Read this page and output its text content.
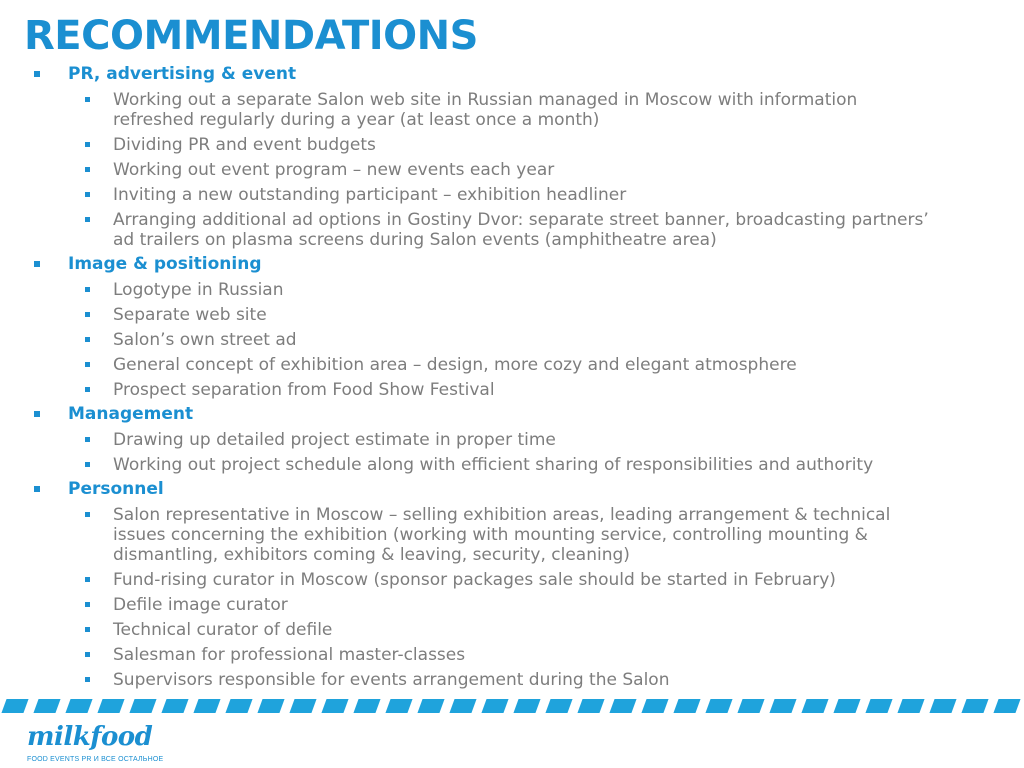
RECOMMENDATIONS
PR, advertising & event
Working out a separate Salon web site in Russian managed in Moscow with information refreshed regularly during a year (at least once a month)
Dividing PR and event budgets
Working out event program – new events each year
Inviting a new outstanding participant – exhibition headliner
Arranging additional ad options in Gostiny Dvor: separate street banner, broadcasting partners’ ad trailers on plasma screens during Salon events (amphitheatre area)
Image & positioning
Logotype in Russian
Separate web site
Salon’s own street ad
General concept of exhibition area – design, more cozy and elegant atmosphere
Prospect separation from Food Show Festival
Management
Drawing up detailed project estimate in proper time
Working out project schedule along with efficient sharing of responsibilities and authority
Personnel
Salon representative in Moscow – selling exhibition areas, leading arrangement & technical issues concerning the exhibition (working with mounting service, controlling mounting & dismantling, exhibitors coming & leaving, security, cleaning)
Fund-rising curator in Moscow (sponsor packages sale should be started in February)
Defile image curator
Technical curator of defile
Salesman for professional master-classes
Supervisors responsible for events arrangement during the Salon
milkfood
FOOD EVENTS PR И ВСЕ ОСТАЛЬНОЕ
